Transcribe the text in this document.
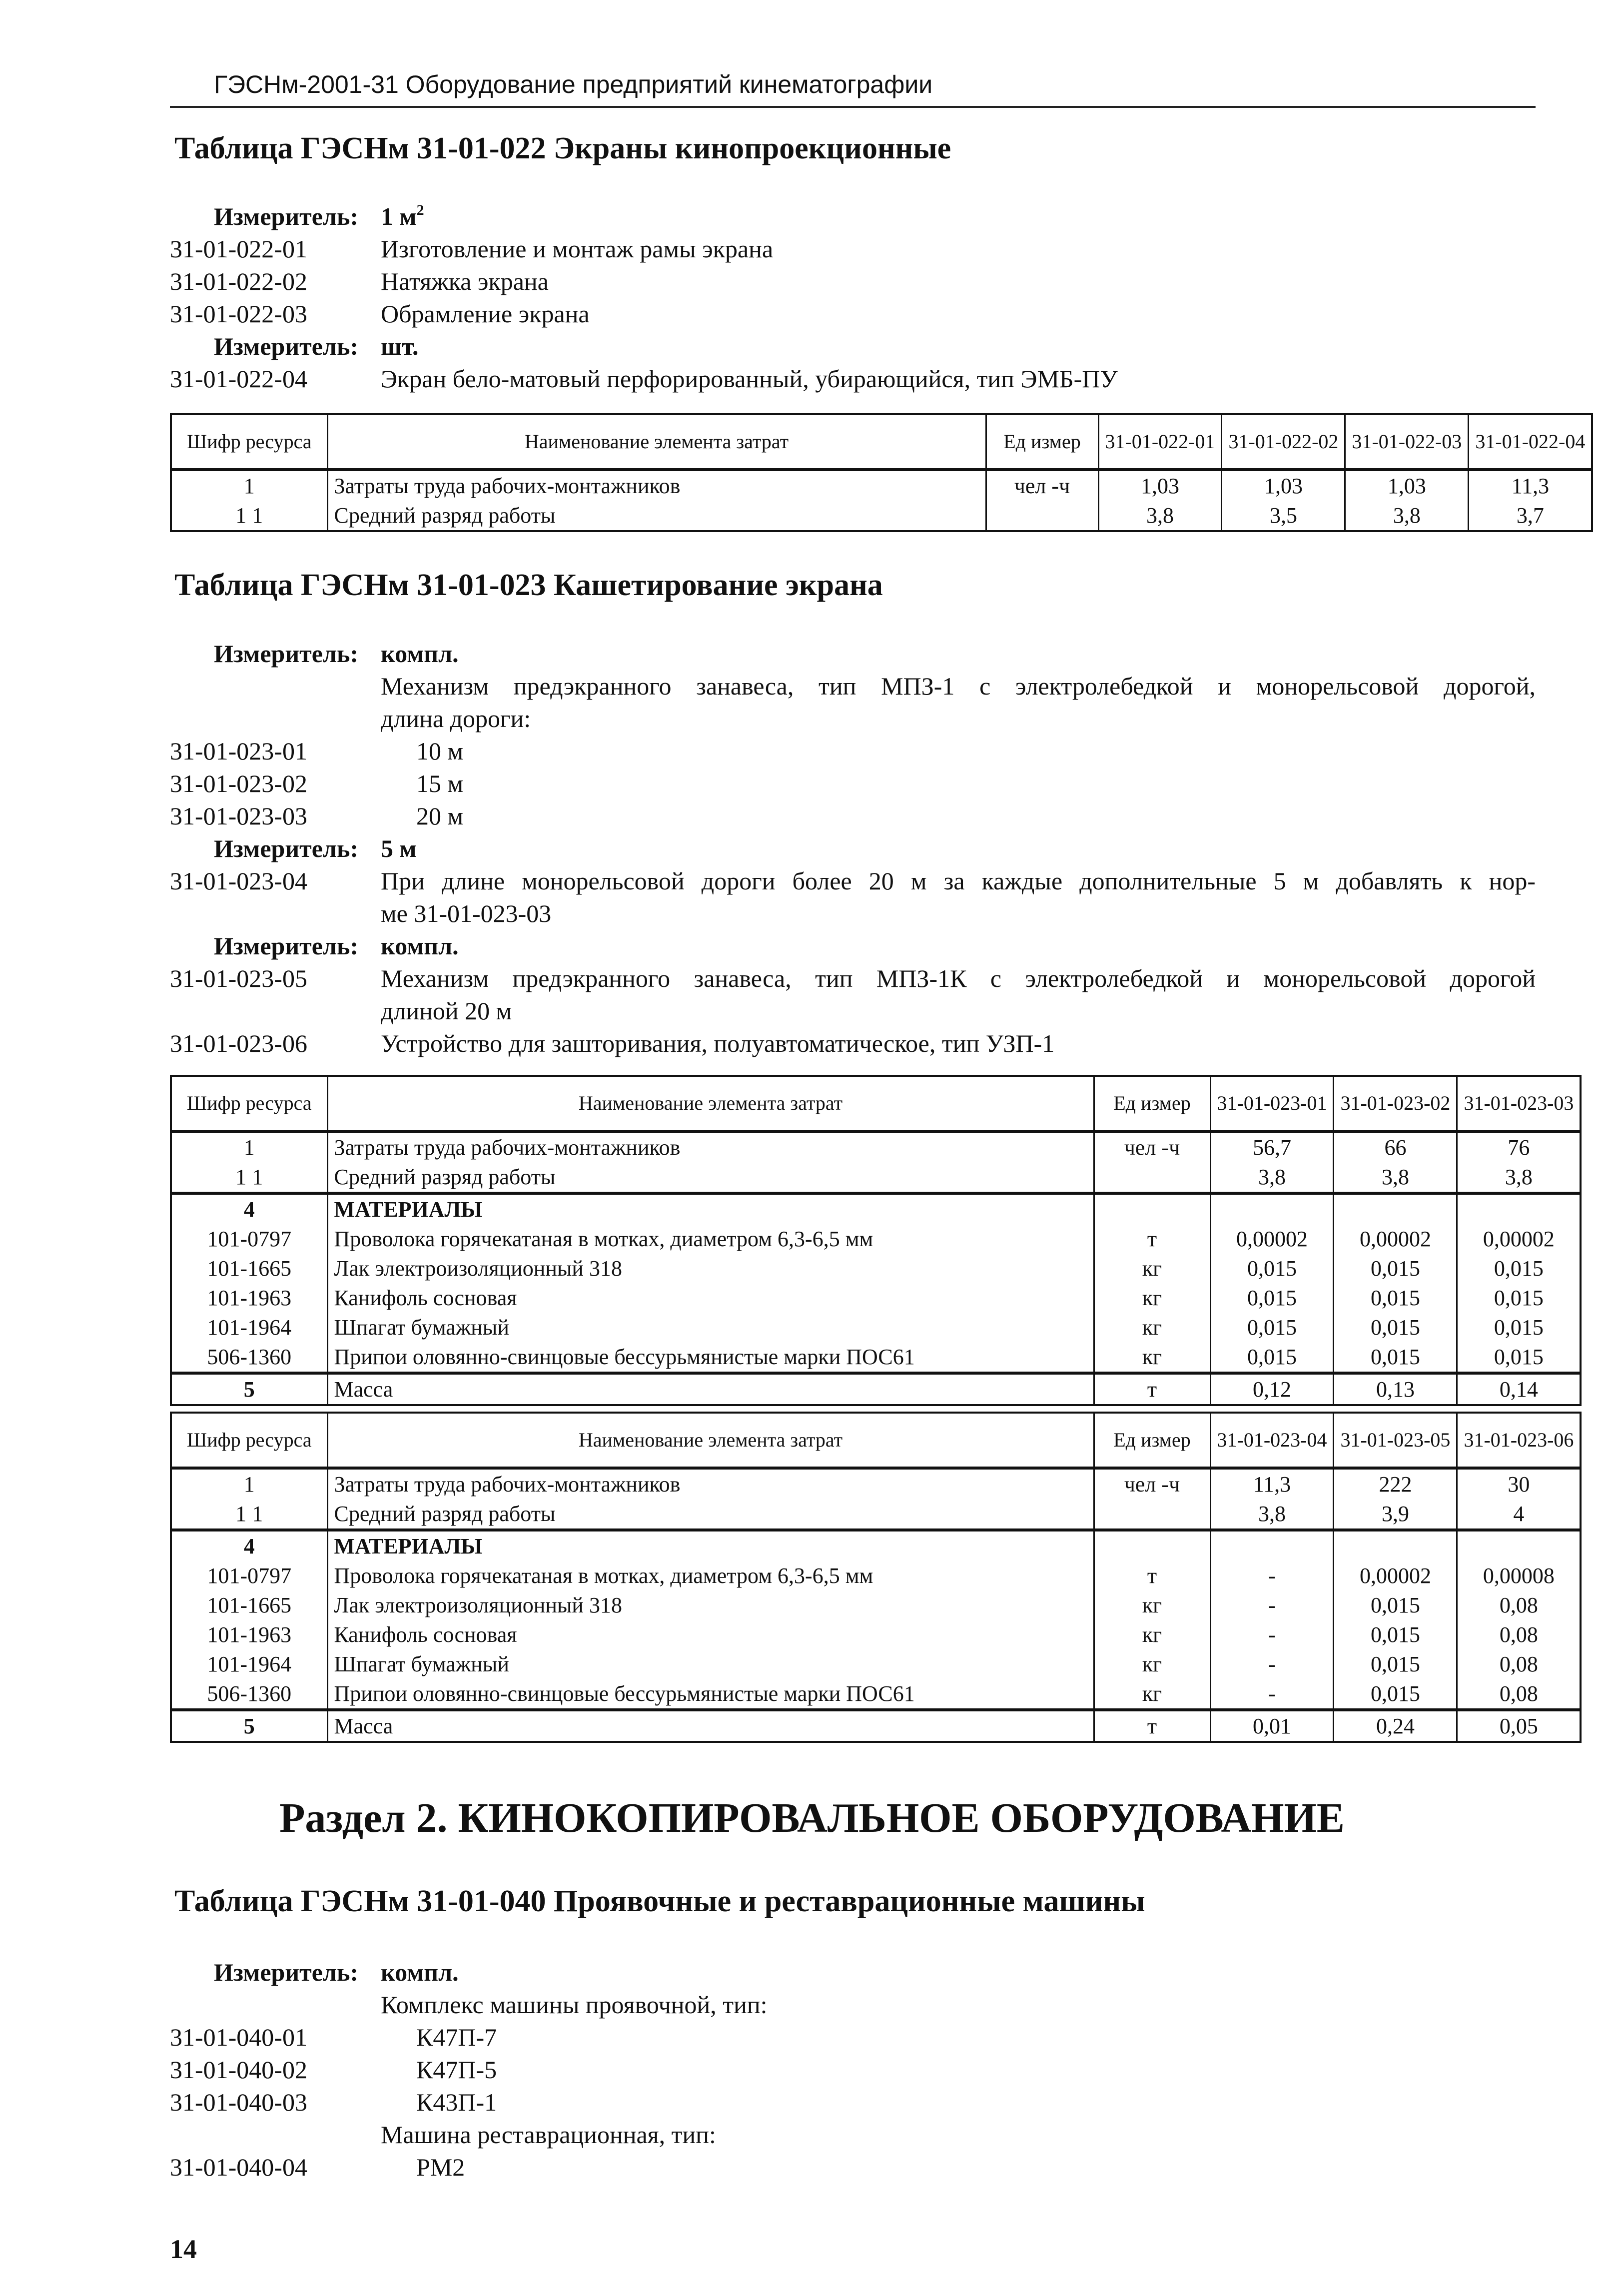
ГЭСНм-2001-31 Оборудование предприятий кинематографии
Таблица ГЭСНм 31-01-022 Экраны кинопроекционные
Измеритель: 1 $м^2$
31-01-022-01	Изготовление и монтаж рамы экрана
31-01-022-02	Натяжка экрана
31-01-022-03	Обрамление экрана
Измеритель: шт.
31-01-022-04	Экран бело-матовый перфорированный, убирающийся, тип ЭМБ-ПУ
Шифр ресурса	Наименование элемента затрат	Ед измер	31-01-022-01	31-01-022-02	31-01-022-03	31-01-022-04
1	Затраты труда рабочих-монтажников	чел -ч	1,03	1,03	1,03	11,3
1 1	Средний разряд работы		3,8	3,5	3,8	3,7
Таблица ГЭСНм 31-01-023 Кашетирование экрана
Измеритель: компл.
Механизм предэкранного занавеса, тип МПЗ-1 с электролебедкой и монорельсовой дорогой,
длина дороги:
31-01-023-01	10 м
31-01-023-02	15 м
31-01-023-03	20 м
Измеритель: 5 м
31-01-023-04	При длине монорельсовой дороги более 20 м за каждые дополнительные 5 м добавлять к нор-
ме 31-01-023-03
Измеритель: компл.
31-01-023-05	Механизм предэкранного занавеса, тип МПЗ-1К с электролебедкой и монорельсовой дорогой
длиной 20 м
31-01-023-06	Устройство для зашторивания, полуавтоматическое, тип УЗП-1
Шифр ресурса	Наименование элемента затрат	Ед измер	31-01-023-01	31-01-023-02	31-01-023-03
1	Затраты труда рабочих-монтажников	чел -ч	56,7	66	76
1 1	Средний разряд работы		3,8	3,8	3,8
4	МАТЕРИАЛЫ				
101-0797	Проволока горячекатаная в мотках, диаметром 6,3-6,5 мм	т	0,00002	0,00002	0,00002
101-1665	Лак электроизоляционный 318	кг	0,015	0,015	0,015
101-1963	Канифоль сосновая	кг	0,015	0,015	0,015
101-1964	Шпагат бумажный	кг	0,015	0,015	0,015
506-1360	Припои оловянно-свинцовые бессурьмянистые марки ПОС61	кг	0,015	0,015	0,015
5	Масса	т	0,12	0,13	0,14
Шифр ресурса	Наименование элемента затрат	Ед измер	31-01-023-04	31-01-023-05	31-01-023-06
1	Затраты труда рабочих-монтажников	чел -ч	11,3	222	30
1 1	Средний разряд работы		3,8	3,9	4
4	МАТЕРИАЛЫ				
101-0797	Проволока горячекатаная в мотках, диаметром 6,3-6,5 мм	т	-	0,00002	0,00008
101-1665	Лак электроизоляционный 318	кг	-	0,015	0,08
101-1963	Канифоль сосновая	кг	-	0,015	0,08
101-1964	Шпагат бумажный	кг	-	0,015	0,08
506-1360	Припои оловянно-свинцовые бессурьмянистые марки ПОС61	кг	-	0,015	0,08
5	Масса	т	0,01	0,24	0,05
Раздел 2. КИНОКОПИРОВАЛЬНОЕ ОБОРУДОВАНИЕ
Таблица ГЭСНм 31-01-040 Проявочные и реставрационные машины
Измеритель: компл.
Комплекс машины проявочной, тип:
31-01-040-01	К47П-7
31-01-040-02	К47П-5
31-01-040-03	К43П-1
Машина реставрационная, тип:
31-01-040-04	РМ2
14
